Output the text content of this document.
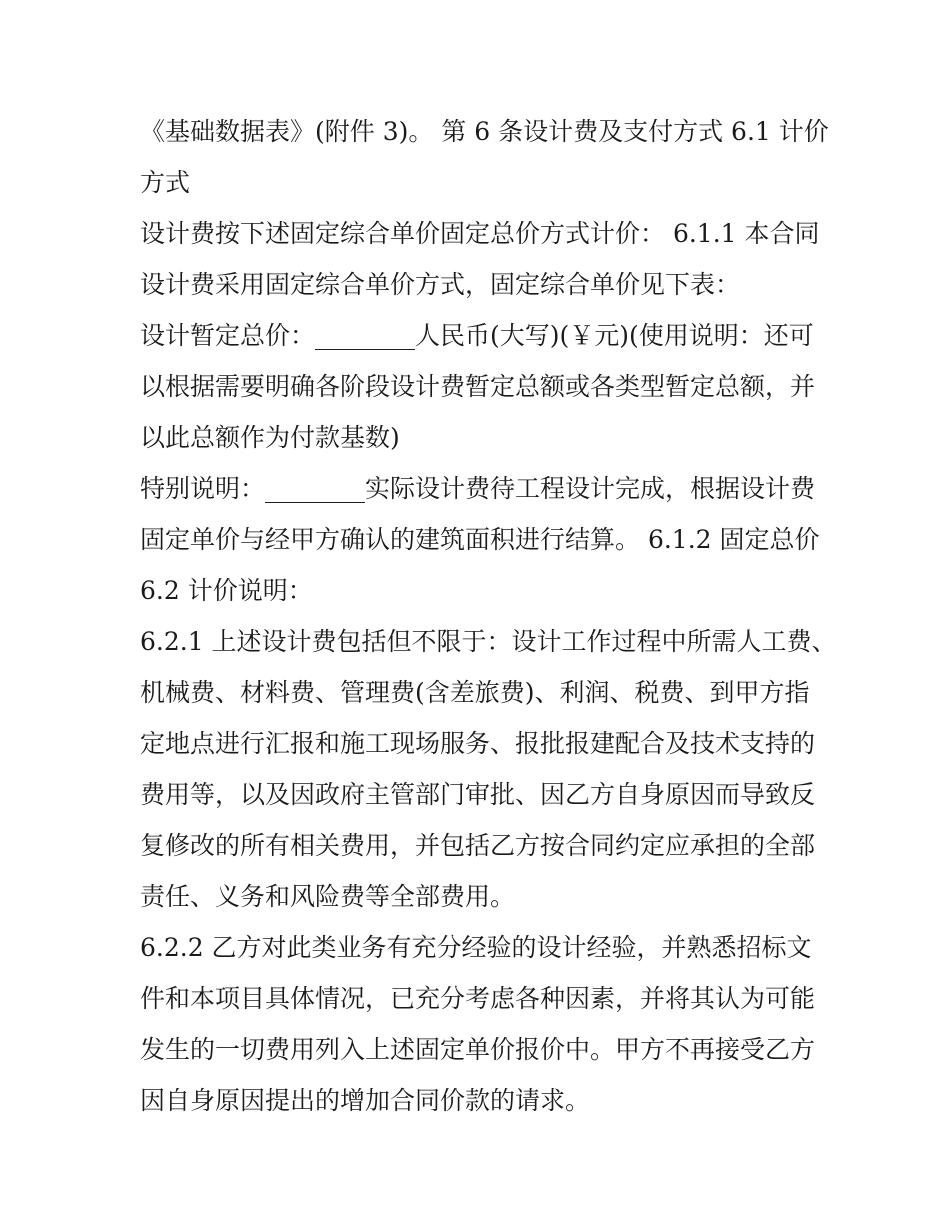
《基础数据表》(附件 3)。 第 6 条设计费及支付方式 6.1 计价
方式
设计费按下述固定综合单价固定总价方式计价： 6.1.1 本合同
设计费采用固定综合单价方式，固定综合单价见下表：
设计暂定总价：________人民币(大写)(￥元)(使用说明：还可
以根据需要明确各阶段设计费暂定总额或各类型暂定总额，并
以此总额作为付款基数)
特别说明：________实际设计费待工程设计完成，根据设计费
固定单价与经甲方确认的建筑面积进行结算。 6.1.2 固定总价
6.2 计价说明：
6.2.1 上述设计费包括但不限于：设计工作过程中所需人工费、
机械费、材料费、管理费(含差旅费)、利润、税费、到甲方指
定地点进行汇报和施工现场服务、报批报建配合及技术支持的
费用等，以及因政府主管部门审批、因乙方自身原因而导致反
复修改的所有相关费用，并包括乙方按合同约定应承担的全部
责任、义务和风险费等全部费用。
6.2.2 乙方对此类业务有充分经验的设计经验，并熟悉招标文
件和本项目具体情况，已充分考虑各种因素，并将其认为可能
发生的一切费用列入上述固定单价报价中。甲方不再接受乙方
因自身原因提出的增加合同价款的请求。
